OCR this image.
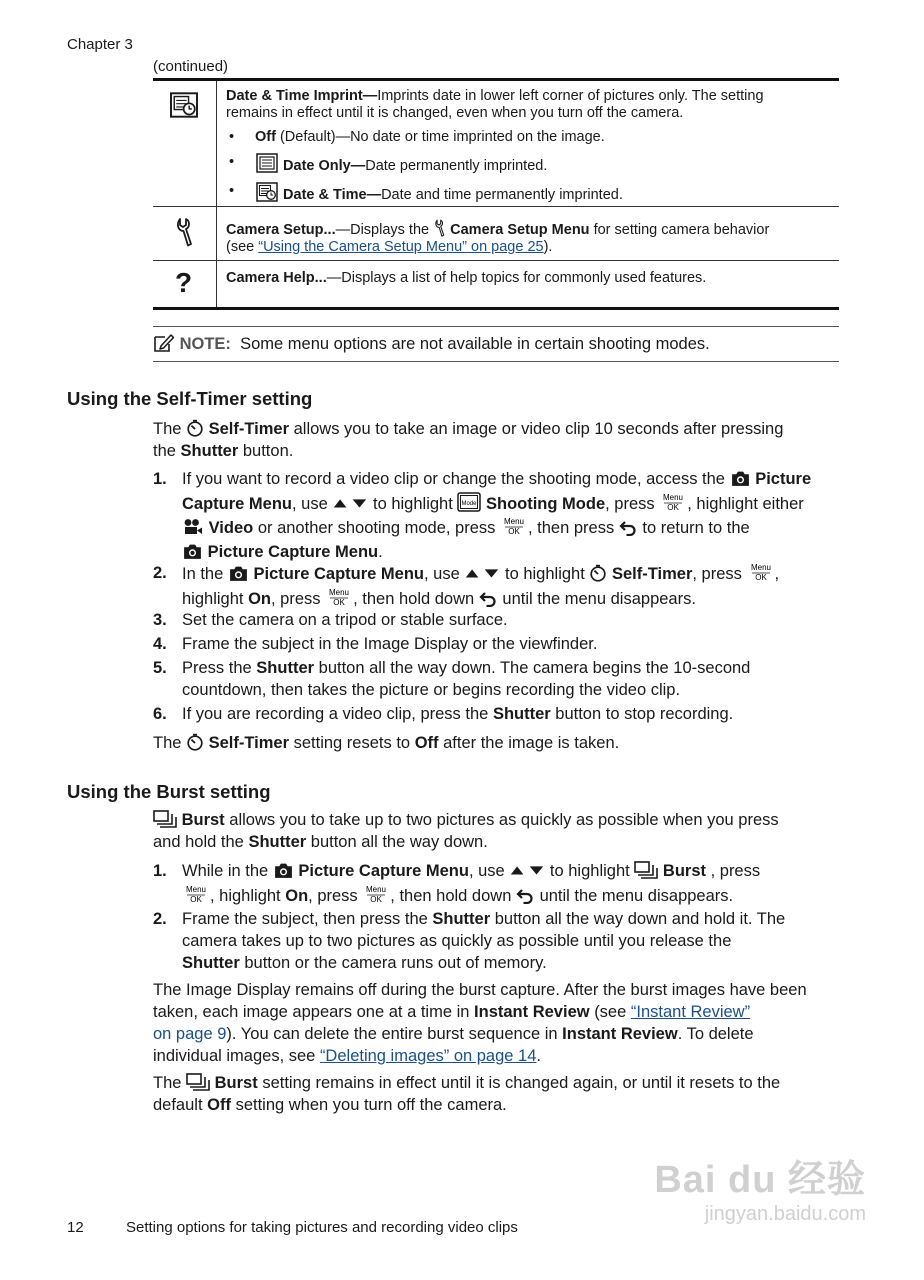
Chapter 3
(continued)
Date & Time Imprint—Imprints date in lower left corner of pictures only. The setting
remains in effect until it is changed, even when you turn off the camera.
• Off (Default)—No date or time imprinted on the image.
• Date Only—Date permanently imprinted.
• Date & Time—Date and time permanently imprinted.
Camera Setup...—Displays the  Camera Setup Menu for setting camera behavior
(see “Using the Camera Setup Menu” on page 25).
?	Camera Help...—Displays a list of help topics for commonly used features.
NOTE: Some menu options are not available in certain shooting modes.
Using the Self-Timer setting
The Self-Timer allows you to take an image or video clip 10 seconds after pressing
the Shutter button.
1. If you want to record a video clip or change the shooting mode, access the Picture
Capture Menu, use	to highlight Mode Shooting Mode, press Menu
OK , highlight either
Video or another shooting mode, press Menu
OK , then press to return to the
Picture Capture Menu.
2. In the Picture Capture Menu, use	to highlight Self-Timer, press Menu
OK ,
highlight On, press Menu
OK , then hold down until the menu disappears.
3. Set the camera on a tripod or stable surface.
4. Frame the subject in the Image Display or the viewfinder.
5. Press the Shutter button all the way down. The camera begins the 10-second
countdown, then takes the picture or begins recording the video clip.
6. If you are recording a video clip, press the Shutter button to stop recording.
The Self-Timer setting resets to Off after the image is taken.
Using the Burst setting
Burst allows you to take up to two pictures as quickly as possible when you press
and hold the Shutter button all the way down.
1. While in the Picture Capture Menu, use	to highlight Burst , press

Menu
OK , highlight On, press Menu
OK , then hold down until the menu disappears.
2. Frame the subject, then press the Shutter button all the way down and hold it. The
camera takes up to two pictures as quickly as possible until you release the
Shutter button or the camera runs out of memory.
The Image Display remains off during the burst capture. After the burst images have been
taken, each image appears one at a time in Instant Review (see “Instant Review”
on page 9). You can delete the entire burst sequence in Instant Review. To delete
individual images, see “Deleting images” on page 14.
The Burst setting remains in effect until it is changed again, or until it resets to the
default Off setting when you turn off the camera.
Bai du 经验
jingyan.baidu.com
12	Setting options for taking pictures and recording video clips
